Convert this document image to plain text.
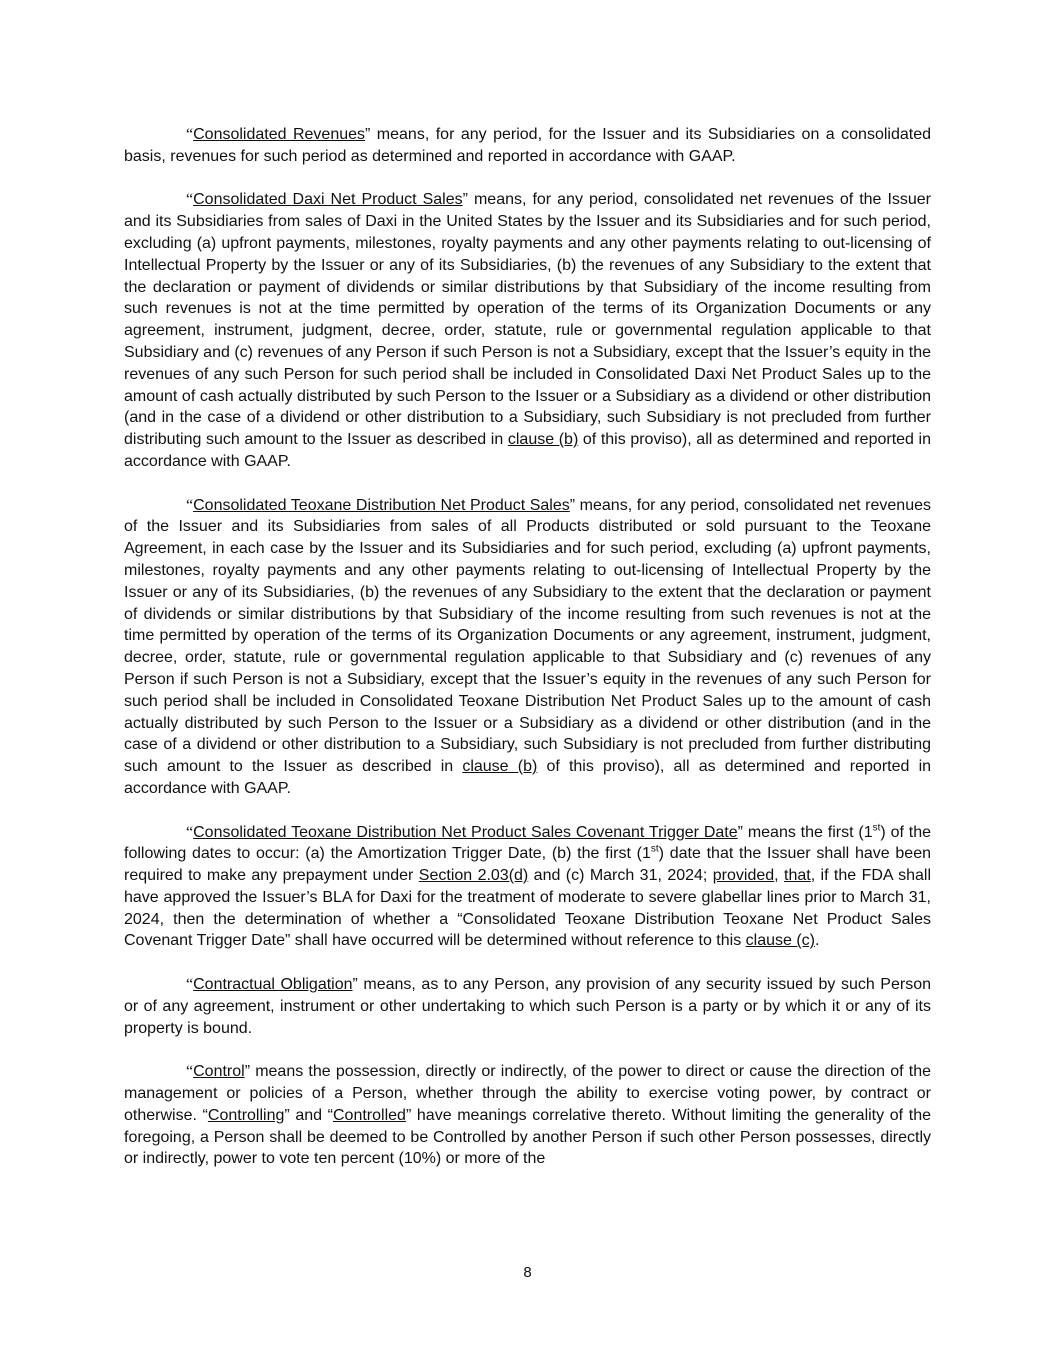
“Consolidated Revenues” means, for any period, for the Issuer and its Subsidiaries on a consolidated basis, revenues for such period as determined and reported in accordance with GAAP.

“Consolidated Daxi Net Product Sales” means, for any period, consolidated net revenues of the Issuer and its Subsidiaries from sales of Daxi in the United States by the Issuer and its Subsidiaries and for such period, excluding (a) upfront payments, milestones, royalty payments and any other payments relating to out-licensing of Intellectual Property by the Issuer or any of its Subsidiaries, (b) the revenues of any Subsidiary to the extent that the declaration or payment of dividends or similar distributions by that Subsidiary of the income resulting from such revenues is not at the time permitted by operation of the terms of its Organization Documents or any agreement, instrument, judgment, decree, order, statute, rule or governmental regulation applicable to that Subsidiary and (c) revenues of any Person if such Person is not a Subsidiary, except that the Issuer’s equity in the revenues of any such Person for such period shall be included in Consolidated Daxi Net Product Sales up to the amount of cash actually distributed by such Person to the Issuer or a Subsidiary as a dividend or other distribution (and in the case of a dividend or other distribution to a Subsidiary, such Subsidiary is not precluded from further distributing such amount to the Issuer as described in clause (b) of this proviso), all as determined and reported in accordance with GAAP.

“Consolidated Teoxane Distribution Net Product Sales” means, for any period, consolidated net revenues of the Issuer and its Subsidiaries from sales of all Products distributed or sold pursuant to the Teoxane Agreement, in each case by the Issuer and its Subsidiaries and for such period, excluding (a) upfront payments, milestones, royalty payments and any other payments relating to out-licensing of Intellectual Property by the Issuer or any of its Subsidiaries, (b) the revenues of any Subsidiary to the extent that the declaration or payment of dividends or similar distributions by that Subsidiary of the income resulting from such revenues is not at the time permitted by operation of the terms of its Organization Documents or any agreement, instrument, judgment, decree, order, statute, rule or governmental regulation applicable to that Subsidiary and (c) revenues of any Person if such Person is not a Subsidiary, except that the Issuer’s equity in the revenues of any such Person for such period shall be included in Consolidated Teoxane Distribution Net Product Sales up to the amount of cash actually distributed by such Person to the Issuer or a Subsidiary as a dividend or other distribution (and in the case of a dividend or other distribution to a Subsidiary, such Subsidiary is not precluded from further distributing such amount to the Issuer as described in clause (b) of this proviso), all as determined and reported in accordance with GAAP.

“Consolidated Teoxane Distribution Net Product Sales Covenant Trigger Date” means the first (1st) of the following dates to occur: (a) the Amortization Trigger Date, (b) the first (1st) date that the Issuer shall have been required to make any prepayment under Section 2.03(d) and (c) March 31, 2024; provided, that, if the FDA shall have approved the Issuer’s BLA for Daxi for the treatment of moderate to severe glabellar lines prior to March 31, 2024, then the determination of whether a “Consolidated Teoxane Distribution Teoxane Net Product Sales Covenant Trigger Date” shall have occurred will be determined without reference to this clause (c).

“Contractual Obligation” means, as to any Person, any provision of any security issued by such Person or of any agreement, instrument or other undertaking to which such Person is a party or by which it or any of its property is bound.

“Control” means the possession, directly or indirectly, of the power to direct or cause the direction of the management or policies of a Person, whether through the ability to exercise voting power, by contract or otherwise. “Controlling” and “Controlled” have meanings correlative thereto. Without limiting the generality of the foregoing, a Person shall be deemed to be Controlled by another Person if such other Person possesses, directly or indirectly, power to vote ten percent (10%) or more of the

8
